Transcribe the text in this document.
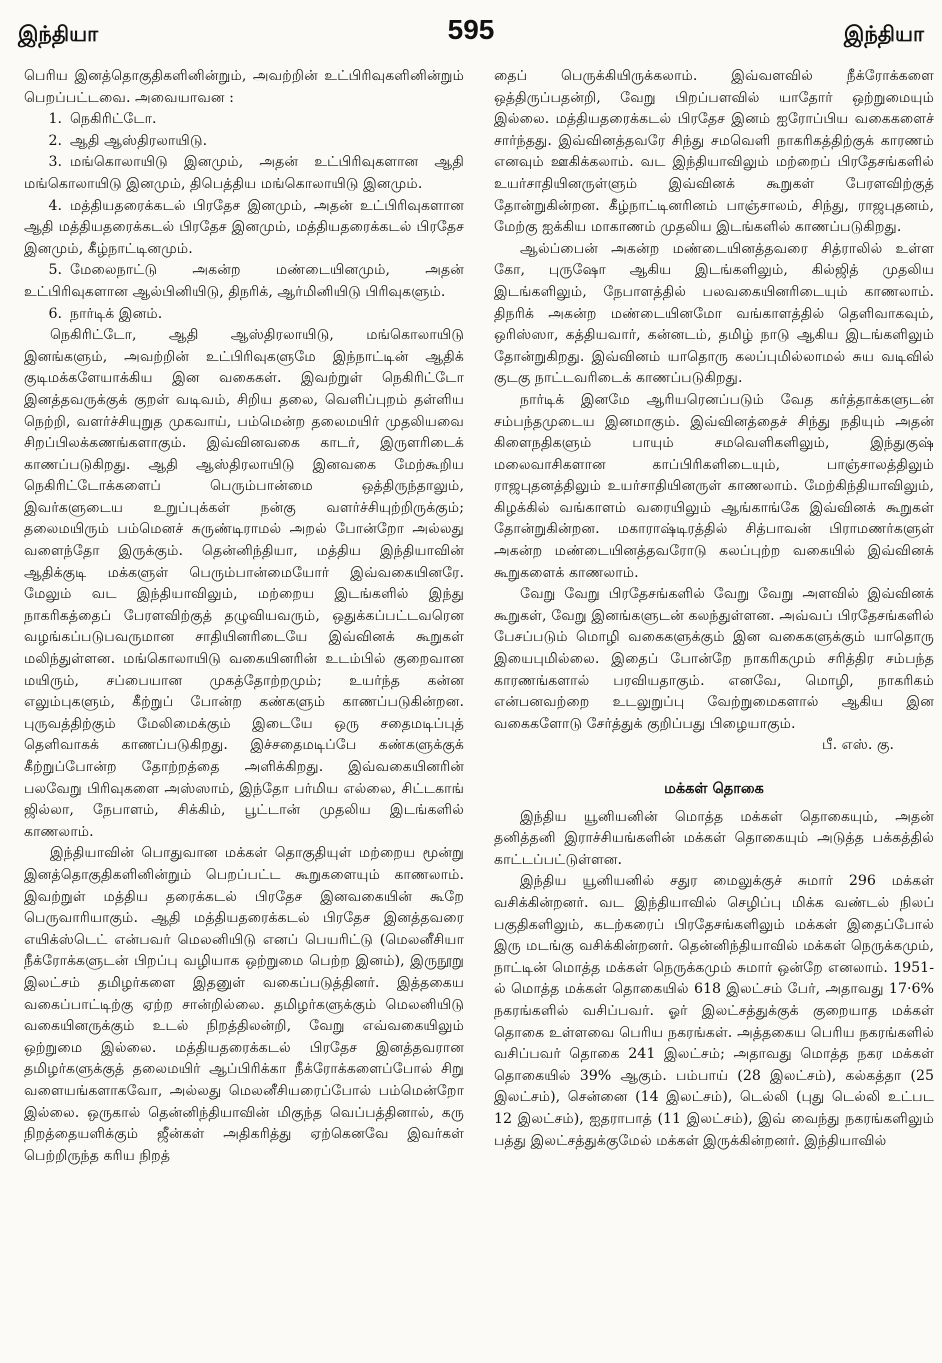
இந்தியா	595	இந்தியா

பெரிய இனத்தொகுதிகளினின்றும், அவற்றின் உட்பிரிவுகளினின்றும் பெறப்பட்டவை. அவையாவன :

1. நெகிரிட்டோ.
2. ஆதி ஆஸ்திரலாயிடு.
3. மங்கொலாயிடு இனமும், அதன் உட்பிரிவுகளான ஆதி மங்கொலாயிடு இனமும், திபெத்திய மங்கொலாயிடு இனமும்.
4. மத்தியதரைக்கடல் பிரதேச இனமும், அதன் உட்பிரிவுகளான ஆதி மத்தியதரைக்கடல் பிரதேச இனமும், மத்தியதரைக்கடல் பிரதேச இனமும், கீழ்நாட்டினமும்.
5. மேலைநாட்டு அகன்ற மண்டையினமும், அதன் உட்பிரிவுகளான ஆல்பினியிடு, திநரிக், ஆர்மினியிடு பிரிவுகளும்.
6. நார்டிக் இனம்.

நெகிரிட்டோ, ஆதி ஆஸ்திரலாயிடு, மங்கொலாயிடு இனங்களும், அவற்றின் உட்பிரிவுகளுமே இந்நாட்டின் ஆதிக் குடிமக்களேயாக்கிய இன வகைகள். இவற்றுள் நெகிரிட்டோ இனத்தவருக்குக் குறள் வடிவம், சிறிய தலை, வெளிப்புறம் தள்ளிய நெற்றி, வளர்ச்சியுறுத முகவாய், பம்மென்ற தலைமயிர் முதலியவை சிறப்பிலக்கணங்களாகும். இவ்வினவகை காடர், இருளரிடைக் காணப்படுகிறது. ஆதி ஆஸ்திரலாயிடு இனவகை மேற்கூறிய நெகிரிட்டோக்களைப் பெரும்பான்மை ஒத்திருந்தாலும், இவர்களுடைய உறுப்புக்கள் நன்கு வளர்ச்சியுற்றிருக்கும்; தலைமயிரும் பம்மெனச் சுருண்டிராமல் அறல் போன்றோ அல்லது வளைந்தோ இருக்கும். தென்னிந்தியா, மத்திய இந்தியாவின் ஆதிக்குடி மக்களுள் பெரும்பான்மையோர் இவ்வகையினரே. மேலும் வட இந்தியாவிலும், மற்றைய இடங்களில் இந்து நாகரிகத்தைப் பேரளவிற்குத் தழுவியவரும், ஒதுக்கப்பட்டவரென வழங்கப்படுபவருமான சாதியினரிடையே இவ்வினக் கூறுகள் மலிந்துள்ளன. மங்கொலாயிடு வகையினரின் உடம்பில் குறைவான மயிரும், சப்பையான முகத்தோற்றமும்; உயர்ந்த கன்ன எலும்புகளும், கீற்றுப் போன்ற கண்களும் காணப்படுகின்றன. புருவத்திற்கும் மேலிமைக்கும் இடையே ஒரு சதைமடிப்புத் தெளிவாகக் காணப்படுகிறது. இச்சதைமடிப்பே கண்களுக்குக் கீற்றுப்போன்ற தோற்றத்தை அளிக்கிறது. இவ்வகையினரின் பலவேறு பிரிவுகளை அஸ்ஸாம், இந்தோ பர்மிய எல்லை, சிட்டகாங் ஜில்லா, நேபாளம், சிக்கிம், பூட்டான் முதலிய இடங்களில் காணலாம்.

இந்தியாவின் பொதுவான மக்கள் தொகுதியுள் மற்றைய மூன்று இனத்தொகுதிகளினின்றும் பெறப்பட்ட கூறுகளையும் காணலாம். இவற்றுள் மத்திய தரைக்கடல் பிரதேச இனவகையின் கூறே பெருவாரியாகும். ஆதி மத்தியதரைக்கடல் பிரதேச இனத்தவரை எயிக்ஸ்டெட் என்பவர் மெலனியிடு எனப் பெயரிட்டு (மெலனீசியா நீக்ரோக்களுடன் பிறப்பு வழியாக ஒற்றுமை பெற்ற இனம்), இருநூறு இலட்சம் தமிழர்களை இதனுள் வகைப்படுத்தினர். இத்தகைய வகைப்பாட்டிற்கு ஏற்ற சான்றில்லை. தமிழர்களுக்கும் மெலனியிடு வகையினருக்கும் உடல் நிறத்திலன்றி, வேறு எவ்வகையிலும் ஒற்றுமை இல்லை. மத்தியதரைக்கடல் பிரதேச இனத்தவரான தமிழர்களுக்குத் தலைமயிர் ஆப்பிரிக்கா நீக்ரோக்களைப்போல் சிறு வளையங்களாகவோ, அல்லது மெலனீசியரைப்போல் பம்மென்றோ இல்லை. ஒருகால் தென்னிந்தியாவின் மிகுந்த வெப்பத்தினால், கரு நிறத்தையளிக்கும் ஜீன்கள் அதிகரித்து ஏற்கெனவே இவர்கள் பெற்றிருந்த கரிய நிறத்

தைப் பெருக்கியிருக்கலாம். இவ்வளவில் நீக்ரோக்களை ஒத்திருப்பதன்றி, வேறு பிறப்பளவில் யாதோர் ஒற்றுமையும் இல்லை. மத்தியதரைக்கடல் பிரதேச இனம் ஐரோப்பிய வகைகளைச் சார்ந்தது. இவ்வினத்தவரே சிந்து சமவெளி நாகரிகத்திற்குக் காரணம் எனவும் ஊகிக்கலாம். வட இந்தியாவிலும் மற்றைப் பிரதேசங்களில் உயர்சாதியினருள்ளும் இவ்வினக் கூறுகள் பேரளவிற்குத் தோன்றுகின்றன. கீழ்நாட்டினரினம் பாஞ்சாலம், சிந்து, ராஜபுதனம், மேற்கு ஐக்கிய மாகாணம் முதலிய இடங்களில் காணப்படுகிறது.

ஆல்ப்பைன் அகன்ற மண்டையினத்தவரை சித்ராலில் உள்ள கோ, புருஷோ ஆகிய இடங்களிலும், கில்ஜித் முதலிய இடங்களிலும், நேபாளத்தில் பலவகையினரிடையும் காணலாம். திநரிக் அகன்ற மண்டையினமோ வங்காளத்தில் தெளிவாகவும், ஒரிஸ்ஸா, கத்தியவார், கன்னடம், தமிழ் நாடு ஆகிய இடங்களிலும் தோன்றுகிறது. இவ்வினம் யாதொரு கலப்புமில்லாமல் சுய வடிவில் குடகு நாட்டவரிடைக் காணப்படுகிறது.

நார்டிக் இனமே ஆரியரெனப்படும் வேத கர்த்தாக்களுடன் சம்பந்தமுடைய இனமாகும். இவ்வினத்தைச் சிந்து நதியும் அதன் கிளைநதிகளும் பாயும் சமவெளிகளிலும், இந்துகுஷ் மலைவாசிகளான காப்பிரிகளிடையும், பாஞ்சாலத்திலும் ராஜபுதனத்திலும் உயர்சாதியினருள் காணலாம். மேற்கிந்தியாவிலும், கிழக்கில் வங்காளம் வரையிலும் ஆங்காங்கே இவ்வினக் கூறுகள் தோன்றுகின்றன. மகாராஷ்டிரத்தில் சித்பாவன் பிராமணர்களுள் அகன்ற மண்டையினத்தவரோடு கலப்புற்ற வகையில் இவ்வினக் கூறுகளைக் காணலாம்.

வேறு வேறு பிரதேசங்களில் வேறு வேறு அளவில் இவ்வினக் கூறுகள், வேறு இனங்களுடன் கலந்துள்ளன. அவ்வப் பிரதேசங்களில் பேசப்படும் மொழி வகைகளுக்கும் இன வகைகளுக்கும் யாதொரு இயைபுமில்லை. இதைப் போன்றே நாகரிகமும் சரித்திர சம்பந்த காரணங்களால் பரவியதாகும். எனவே, மொழி, நாகரிகம் என்பனவற்றை உடலுறுப்பு வேற்றுமைகளால் ஆகிய இன வகைகளோடு சேர்த்துக் குறிப்பது பிழையாகும்.

பீ. எஸ். கு.
மக்கள் தொகை

இந்திய யூனியனின் மொத்த மக்கள் தொகையும், அதன் தனித்தனி இராச்சியங்களின் மக்கள் தொகையும் அடுத்த பக்கத்தில் காட்டப்பட்டுள்ளன.

இந்திய யூனியனில் சதுர மைலுக்குச் சுமார் 296 மக்கள் வசிக்கின்றனர். வட இந்தியாவில் செழிப்பு மிக்க வண்டல் நிலப் பகுதிகளிலும், கடற்கரைப் பிரதேசங்களிலும் மக்கள் இதைப்போல் இரு மடங்கு வசிக்கின்றனர். தென்னிந்தியாவில் மக்கள் நெருக்கமும், நாட்டின் மொத்த மக்கள் நெருக்கமும் சுமார் ஒன்றே எனலாம். 1951-ல் மொத்த மக்கள் தொகையில் 618 இலட்சம் பேர், அதாவது 17·6% நகரங்களில் வசிப்பவர். ஓர் இலட்சத்துக்குக் குறையாத மக்கள் தொகை உள்ளவை பெரிய நகரங்கள். அத்தகைய பெரிய நகரங்களில் வசிப்பவர் தொகை 241 இலட்சம்; அதாவது மொத்த நகர மக்கள் தொகையில் 39% ஆகும். பம்பாய் (28 இலட்சம்), கல்கத்தா (25 இலட்சம்), சென்னை (14 இலட்சம்), டெல்லி (புது டெல்லி உட்பட 12 இலட்சம்), ஐதராபாத் (11 இலட்சம்), இவ் வைந்து நகரங்களிலும் பத்து இலட்சத்துக்குமேல் மக்கள் இருக்கின்றனர். இந்தியாவில்
